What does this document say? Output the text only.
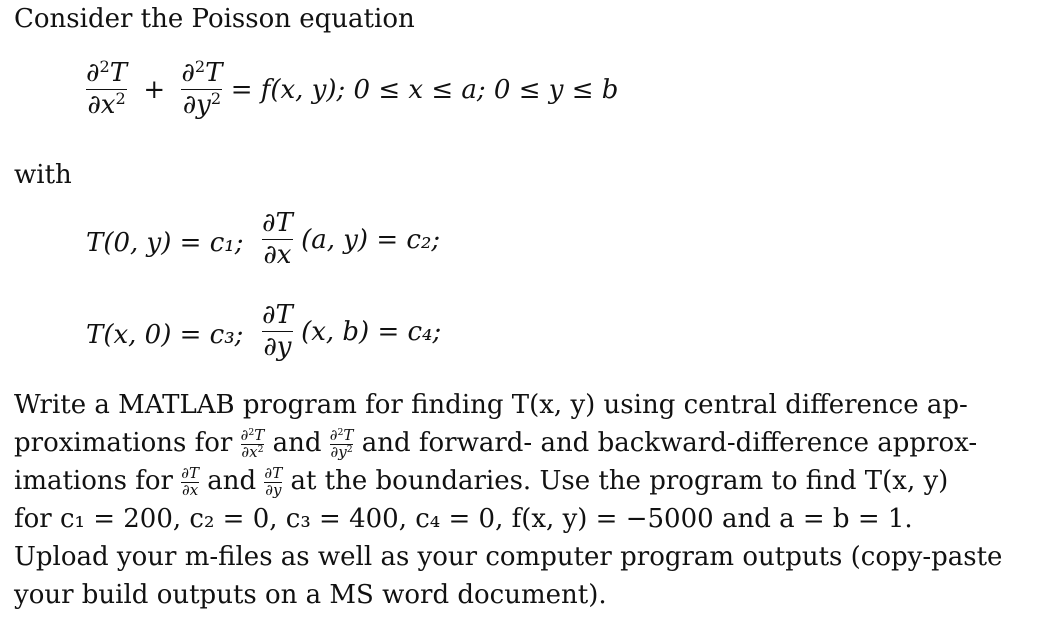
Consider the Poisson equation
$\frac{\partial^2T}{\partial x^2} + \frac{\partial^2T}{\partial y^2} = f(x$, y); 0 ≤ x ≤ a; 0 ≤ y ≤ b
with
T(0, y) = c₁; $\frac{\partial T}{\partial x} (a$, y) = c₂;
T(x, 0) = c₃; $\frac{\partial T}{\partial y} (x$, b) = c₄;
Write a MATLAB program for finding T(x, y) using central difference ap-
proximations for $\frac{\partial^2T}{\partial x^2}$ and $\frac{\partial^2T}{\partial y^2}$ and forward- and backward-difference approx-
imations for $\frac{\partial T}{\partial x}$ and $\frac{\partial T}{\partial y}$ at the boundaries. Use the program to find T(x, y)
for c₁ = 200, c₂ = 0, c₃ = 400, c₄ = 0, f(x, y) = −5000 and a = b = 1.
Upload your m-files as well as your computer program outputs (copy-paste
your build outputs on a MS word document).
